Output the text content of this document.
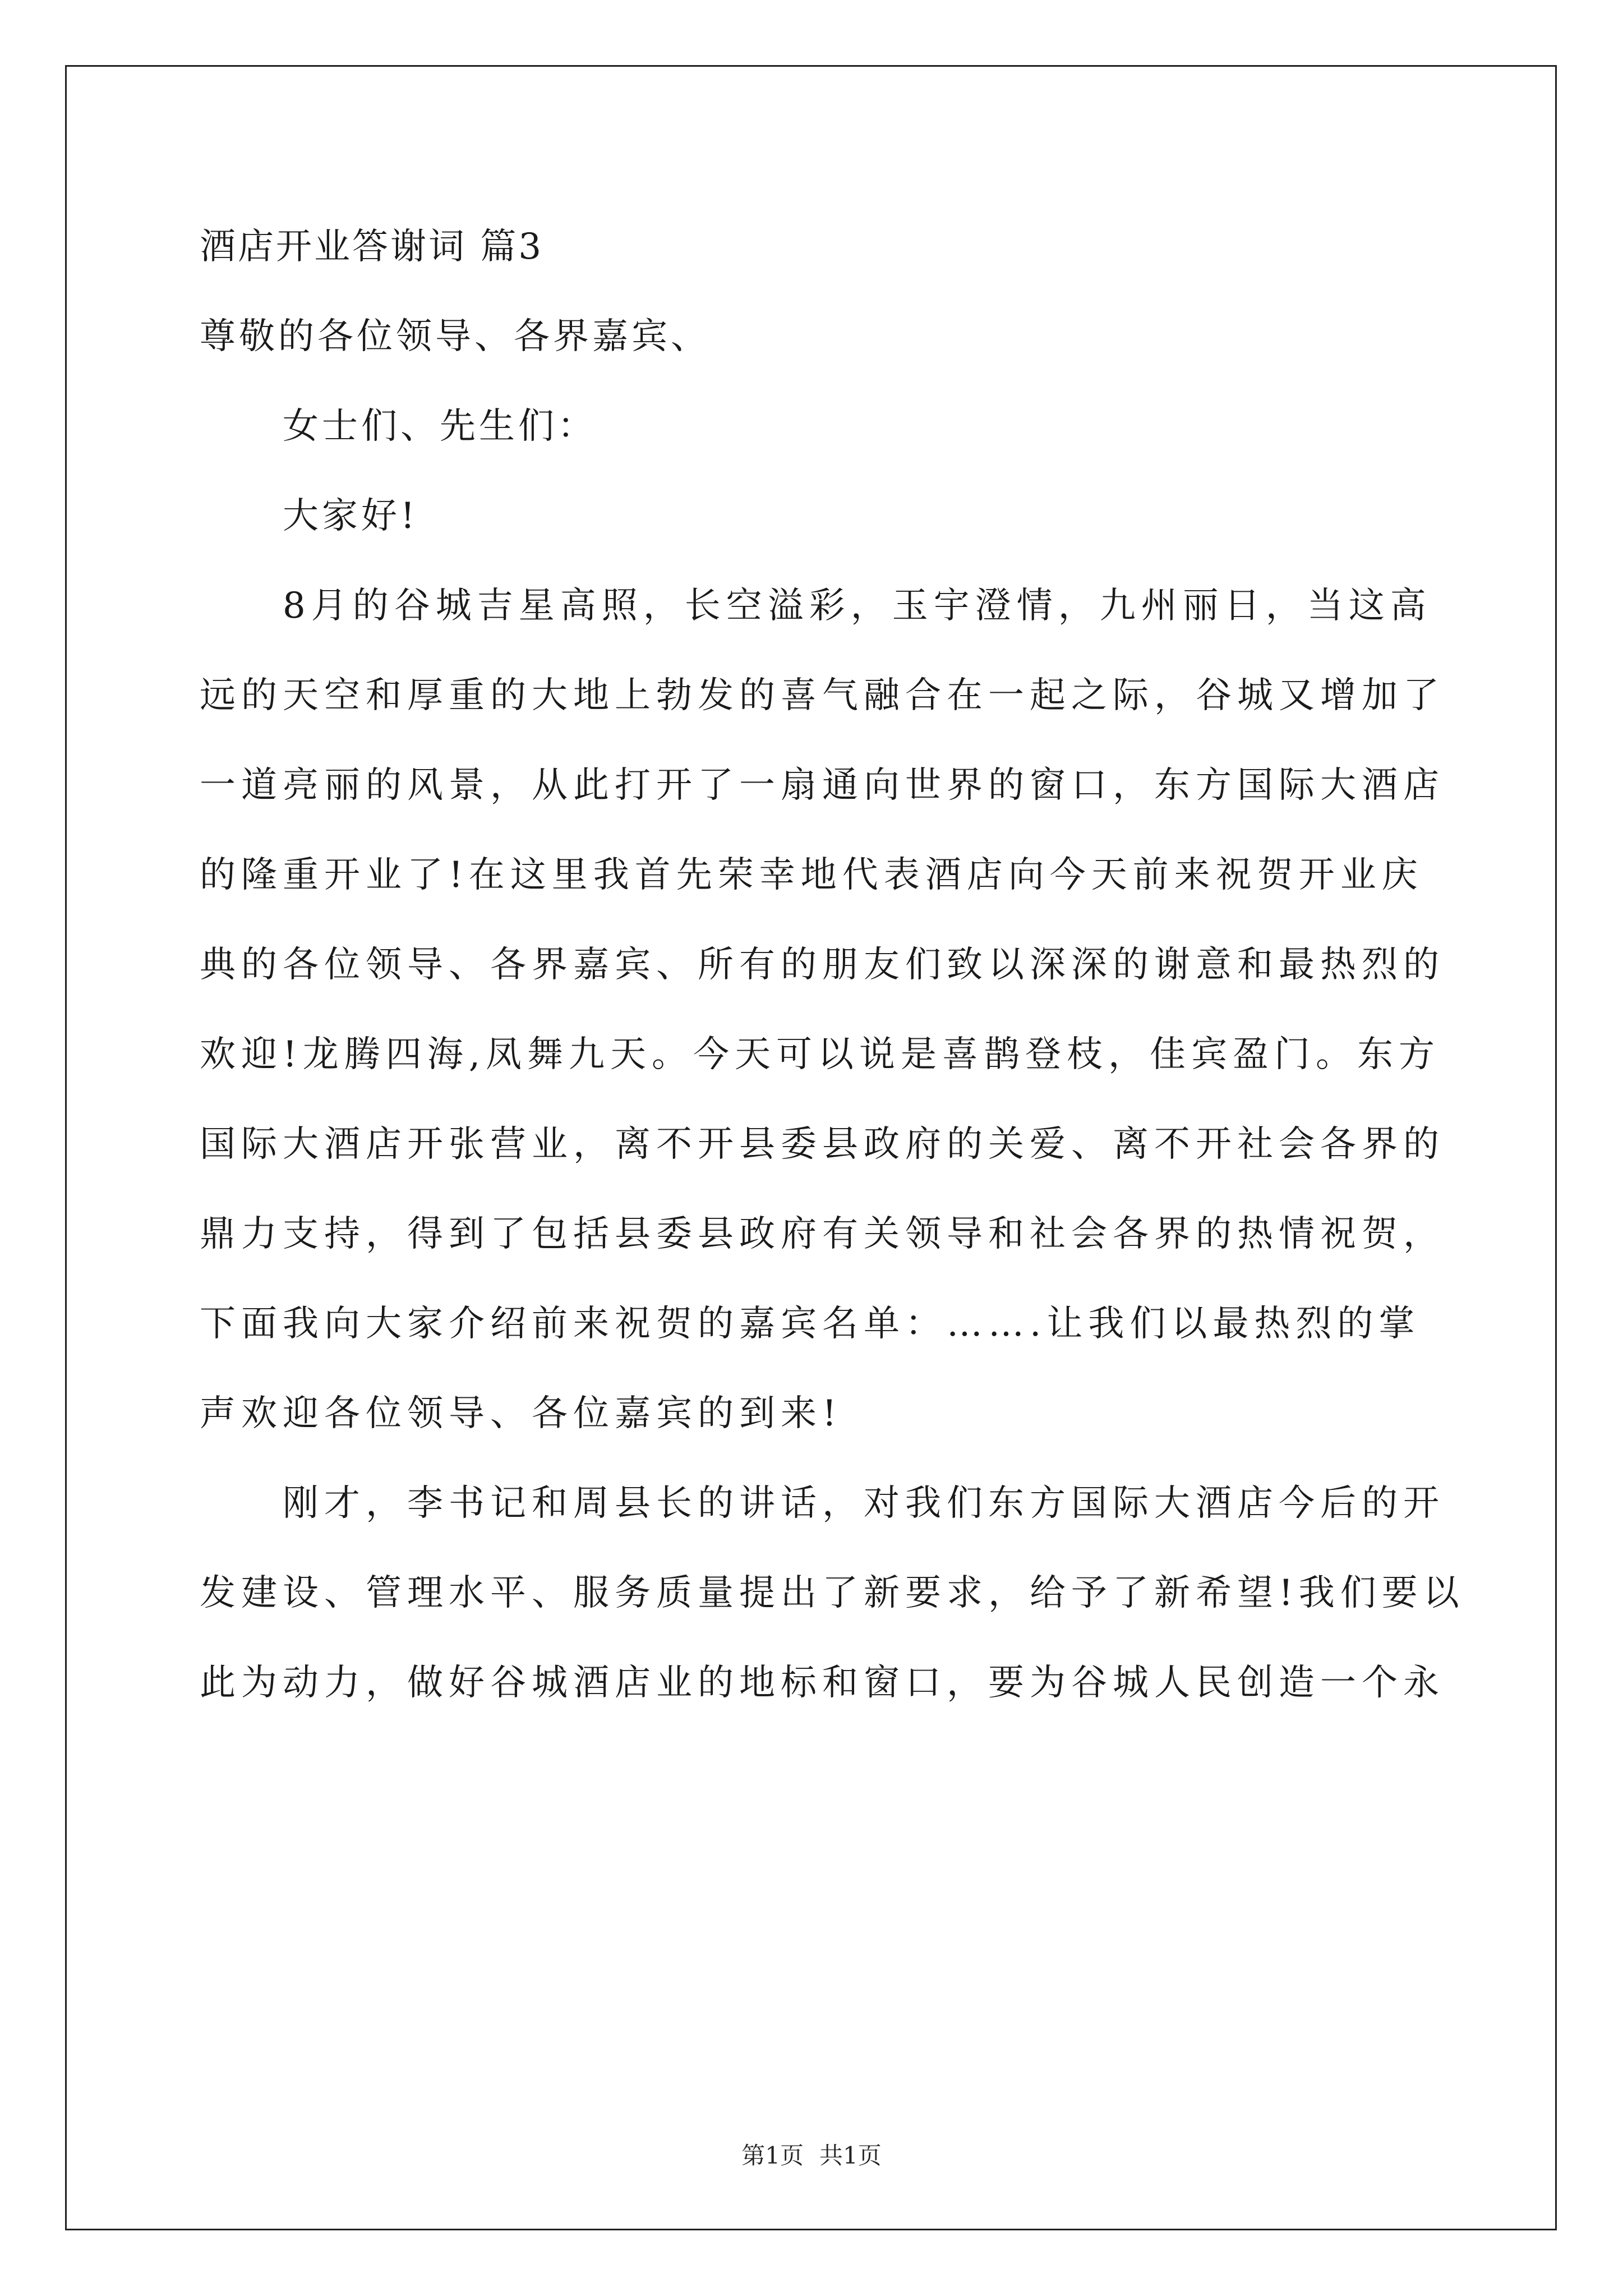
酒店开业答谢词 篇3

尊敬的各位领导、各界嘉宾、

女士们、先生们：

大家好!

8月的谷城吉星高照，长空溢彩，玉宇澄情，九州丽日，当这高

远的天空和厚重的大地上勃发的喜气融合在一起之际，谷城又增加了

一道亮丽的风景，从此打开了一扇通向世界的窗口，东方国际大酒店

的隆重开业了!在这里我首先荣幸地代表酒店向今天前来祝贺开业庆

典的各位领导、各界嘉宾、所有的朋友们致以深深的谢意和最热烈的

欢迎!龙腾四海,凤舞九天。今天可以说是喜鹊登枝，佳宾盈门。东方

国际大酒店开张营业，离不开县委县政府的关爱、离不开社会各界的

鼎力支持，得到了包括县委县政府有关领导和社会各界的热情祝贺，

下面我向大家介绍前来祝贺的嘉宾名单：…….让我们以最热烈的掌

声欢迎各位领导、各位嘉宾的到来!

刚才，李书记和周县长的讲话，对我们东方国际大酒店今后的开

发建设、管理水平、服务质量提出了新要求，给予了新希望!我们要以

此为动力，做好谷城酒店业的地标和窗口，要为谷城人民创造一个永

第1页 共1页
